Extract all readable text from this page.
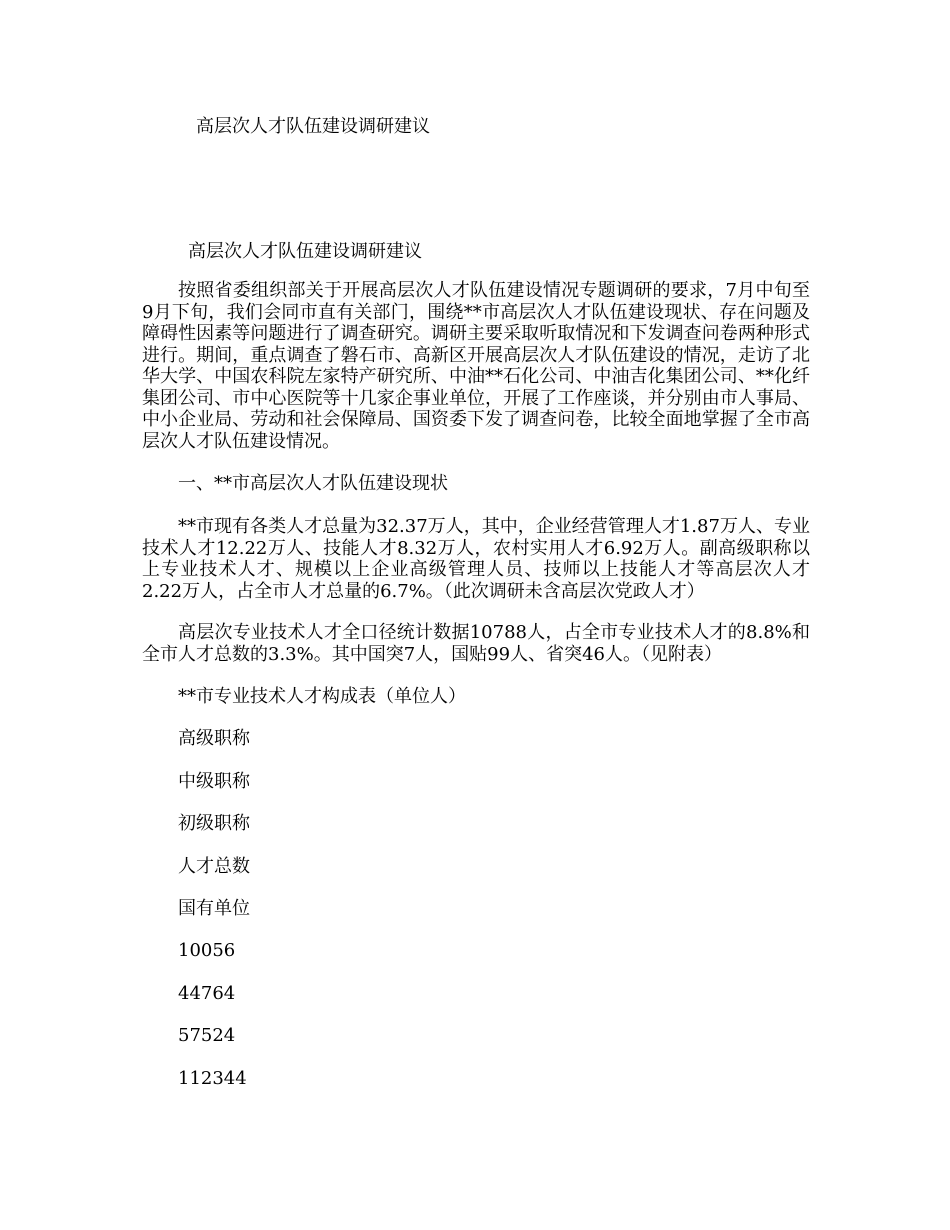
高层次人才队伍建设调研建议
高层次人才队伍建设调研建议

按照省委组织部关于开展高层次人才队伍建设情况专题调研的要求，7月中旬至9月下旬，我们会同市直有关部门，围绕**市高层次人才队伍建设现状、存在问题及障碍性因素等问题进行了调查研究。调研主要采取听取情况和下发调查问卷两种形式进行。期间，重点调查了磐石市、高新区开展高层次人才队伍建设的情况，走访了北华大学、中国农科院左家特产研究所、中油**石化公司、中油吉化集团公司、**化纤集团公司、市中心医院等十几家企事业单位，开展了工作座谈，并分别由市人事局、中小企业局、劳动和社会保障局、国资委下发了调查问卷，比较全面地掌握了全市高层次人才队伍建设情况。

一、**市高层次人才队伍建设现状

**市现有各类人才总量为32.37万人，其中，企业经营管理人才1.87万人、专业技术人才12.22万人、技能人才8.32万人，农村实用人才6.92万人。副高级职称以上专业技术人才、规模以上企业高级管理人员、技师以上技能人才等高层次人才2.22万人，占全市人才总量的6.7%。（此次调研未含高层次党政人才）

高层次专业技术人才全口径统计数据10788人，占全市专业技术人才的8.8%和全市人才总数的3.3%。其中国突7人，国贴99人、省突46人。（见附表）

**市专业技术人才构成表（单位人）
高级职称
中级职称
初级职称
人才总数
国有单位
10056
44764
57524
112344
